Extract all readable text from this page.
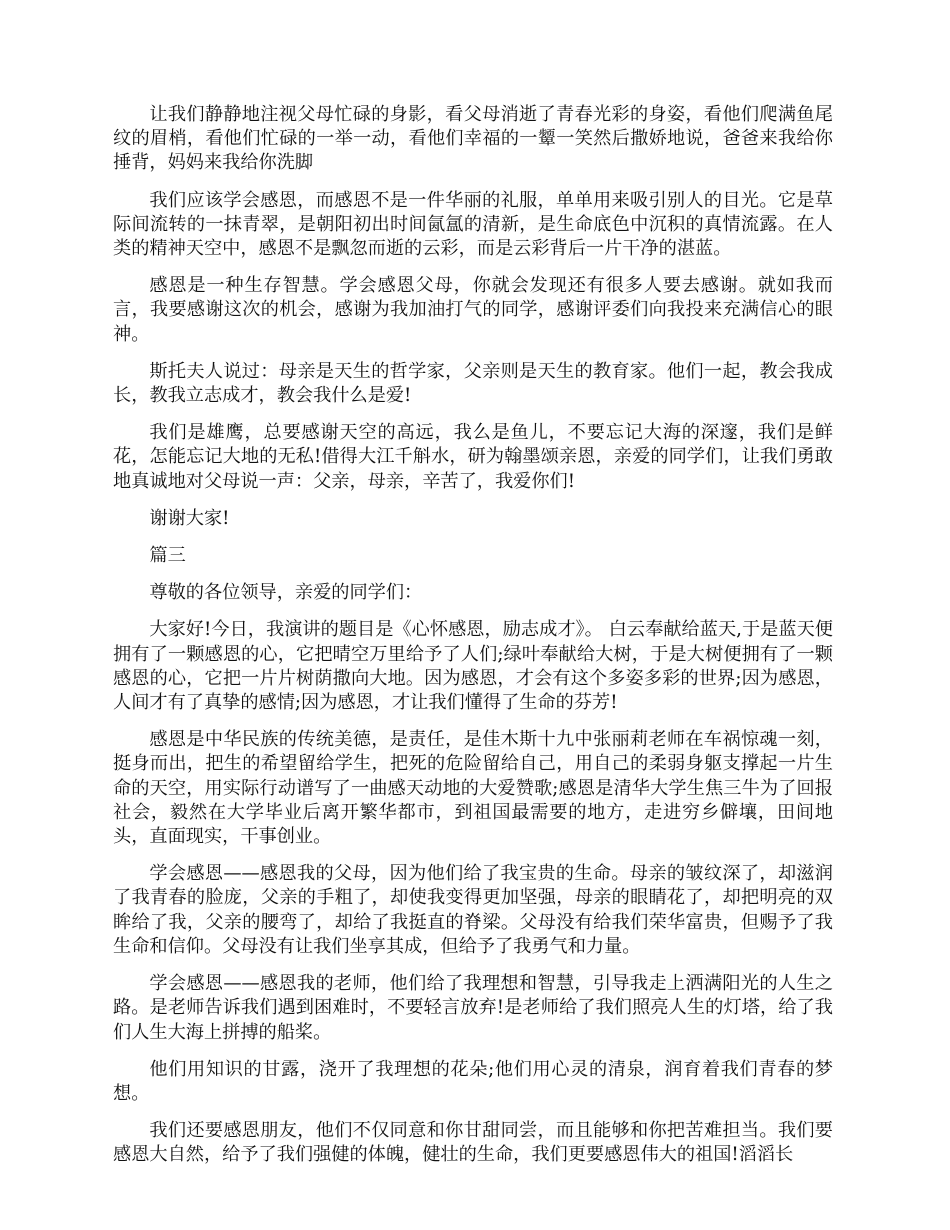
让我们静静地注视父母忙碌的身影，看父母消逝了青春光彩的身姿，看他们爬满鱼尾纹的眉梢，看他们忙碌的一举一动，看他们幸福的一颦一笑然后撒娇地说，爸爸来我给你捶背，妈妈来我给你洗脚

我们应该学会感恩，而感恩不是一件华丽的礼服，单单用来吸引别人的目光。它是草际间流转的一抹青翠，是朝阳初出时间氤氲的清新，是生命底色中沉积的真情流露。在人类的精神天空中，感恩不是飘忽而逝的云彩，而是云彩背后一片干净的湛蓝。

感恩是一种生存智慧。学会感恩父母，你就会发现还有很多人要去感谢。就如我而言，我要感谢这次的机会，感谢为我加油打气的同学，感谢评委们向我投来充满信心的眼神。

斯托夫人说过：母亲是天生的哲学家，父亲则是天生的教育家。他们一起，教会我成长，教我立志成才，教会我什么是爱!

我们是雄鹰，总要感谢天空的高远，我么是鱼儿，不要忘记大海的深邃，我们是鲜花，怎能忘记大地的无私!借得大江千斛水，研为翰墨颂亲恩，亲爱的同学们，让我们勇敢地真诚地对父母说一声：父亲，母亲，辛苦了，我爱你们!

谢谢大家!

篇三

尊敬的各位领导，亲爱的同学们：

大家好!今日，我演讲的题目是《心怀感恩，励志成才》。 白云奉献给蓝天,于是蓝天便拥有了一颗感恩的心，它把晴空万里给予了人们;绿叶奉献给大树，于是大树便拥有了一颗感恩的心，它把一片片树荫撒向大地。因为感恩，才会有这个多姿多彩的世界;因为感恩，人间才有了真挚的感情;因为感恩，才让我们懂得了生命的芬芳!

感恩是中华民族的传统美德，是责任，是佳木斯十九中张丽莉老师在车祸惊魂一刻，挺身而出，把生的希望留给学生，把死的危险留给自己，用自己的柔弱身躯支撑起一片生命的天空，用实际行动谱写了一曲感天动地的大爱赞歌;感恩是清华大学生焦三牛为了回报社会，毅然在大学毕业后离开繁华都市，到祖国最需要的地方，走进穷乡僻壤，田间地头，直面现实，干事创业。

学会感恩——感恩我的父母，因为他们给了我宝贵的生命。母亲的皱纹深了，却滋润了我青春的脸庞，父亲的手粗了，却使我变得更加坚强，母亲的眼睛花了，却把明亮的双眸给了我，父亲的腰弯了，却给了我挺直的脊梁。父母没有给我们荣华富贵，但赐予了我生命和信仰。父母没有让我们坐享其成，但给予了我勇气和力量。

学会感恩——感恩我的老师，他们给了我理想和智慧，引导我走上洒满阳光的人生之路。是老师告诉我们遇到困难时，不要轻言放弃!是老师给了我们照亮人生的灯塔，给了我们人生大海上拼搏的船桨。

他们用知识的甘露，浇开了我理想的花朵;他们用心灵的清泉，润育着我们青春的梦想。

我们还要感恩朋友，他们不仅同意和你甘甜同尝，而且能够和你把苦难担当。我们要感恩大自然，给予了我们强健的体魄，健壮的生命，我们更要感恩伟大的祖国!滔滔长
